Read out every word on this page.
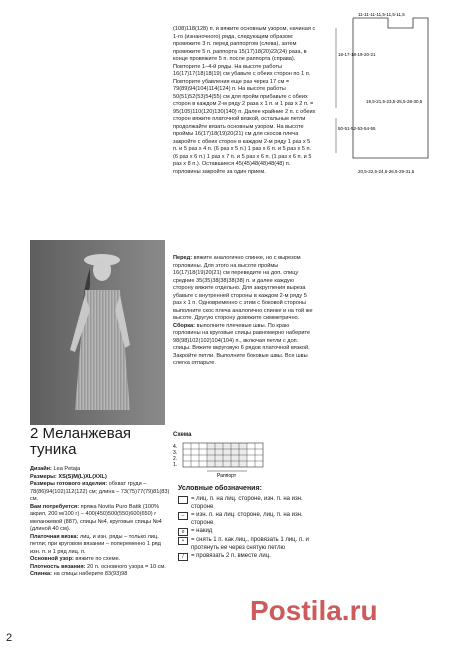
11-11-11-11,5-11,5-11,5
16-17-18-19-20-21
19,5-21,5-23,5-25,5-28-30,5
50-51-52-53-54-55
20,5-22,5-24,5-26,5-29-31,5

(108)118(128) п. и вяжите основным узором, начиная с 1-го (изнаночного) ряда, следующим образом: провяжите 3 п. перед раппортом (слева), затем провяжите 5 п. раппорта 15(17)18(20)22(24) раза, в конце провяжите 5 п. после раппорта (справа). Повторите 1–4-й ряды. На высоте работы 16(17)17(18)18(19) см убавьте с обеих сторон по 1 п. Повторите убавления еще раз через 17 см = 79(89)94(104)114(124) п. На высоте работы 50(51)52(53)54(55) см для пройм прибавьте с обеих сторон в каждом 2-м ряду 2 раза x 1 п. и 1 раз x 2 п. = 95(105)110(120)130(140) п. Далее крайние 2 п. с обеих сторон вяжите платочной вязкой, остальные петли продолжайте вязать основным узором. На высоте проймы 16(17)18(19)20(21) см для скосов плеча закройте с обеих сторон в каждом 2-м ряду 1 раз x 5 п. и 5 раз x 4 п. (6 раз x 5 п.) 1 раз x 6 п. и 5 раз x 5 п. (6 раз x 6 п.) 1 раз x 7 п. и 5 раз x 6 п. (1 раз x 6 п. и 5 раз x 8 п.). Оставшиеся 45(45)48(48)48(48) п. горловины закройте за один прием.

Перед: вяжите аналогично спинке, но с вырезом горловины. Для этого на высоте проймы 16(17)18(19)20(21) см переведите на доп. спицу средние 35(35)38(38)38(38) п. и далее каждую сторону вяжите отдельно. Для закругления выреза убавьте с внутренней стороны в каждом 2-м ряду 5 раз x 1 п. Одновременно с этим с боковой стороны выполните скос плеча аналогично спинке и на той же высоте. Другую сторону довяжите симметрично.

Сборка: выполните плечевые швы. По краю горловины на круговые спицы равномерно наберите 98(98)102(102)104(104) п., включая петли с доп. спицы. Вяжите вкруговую 6 рядов платочной вязкой. Закройте петли. Выполните боковые швы. Все швы слегка отпарьте.

2 Меланжевая
туника

Дизайн: Lea Petaja

Размеры: XS(S)M(L)XL(XXL)

Размеры готового изделия: обхват груди – 78(86)94(102)112(122) см; длина – 73(75)77(79)81(83) см.

Вам потребуется: пряжа Novita Puro Batik (100% акрил, 200 м/100 г) – 400(450)500(550)600(650) г меланжевой (887), спицы №4, круговые спицы №4 (длиной 40 см).

Платочная вязка: лиц. и изн. ряды – только лиц. петли; при круговом вязании – попеременно 1 ряд изн. п. и 1 ряд лиц. п.

Основной узор: вяжите по схеме.

Плотность вязания: 20 п. основного узора = 10 см.

Спинка: на спицы наберите 83(93)98

Схема
4.
3.
2.
1.
Раппорт
Условные обозначения:
= лиц. п. на лиц. стороне, изн. п. на изн. стороне
–	= изн. п. на лиц. стороне, лиц. п. на изн. стороне
o	= накид
•	= снять 1 п. как лиц., провязать 1 лиц. п. и протянуть ее через снятую петлю
/	= провязать 2 п. вместе лиц.
Postila.ru
2
